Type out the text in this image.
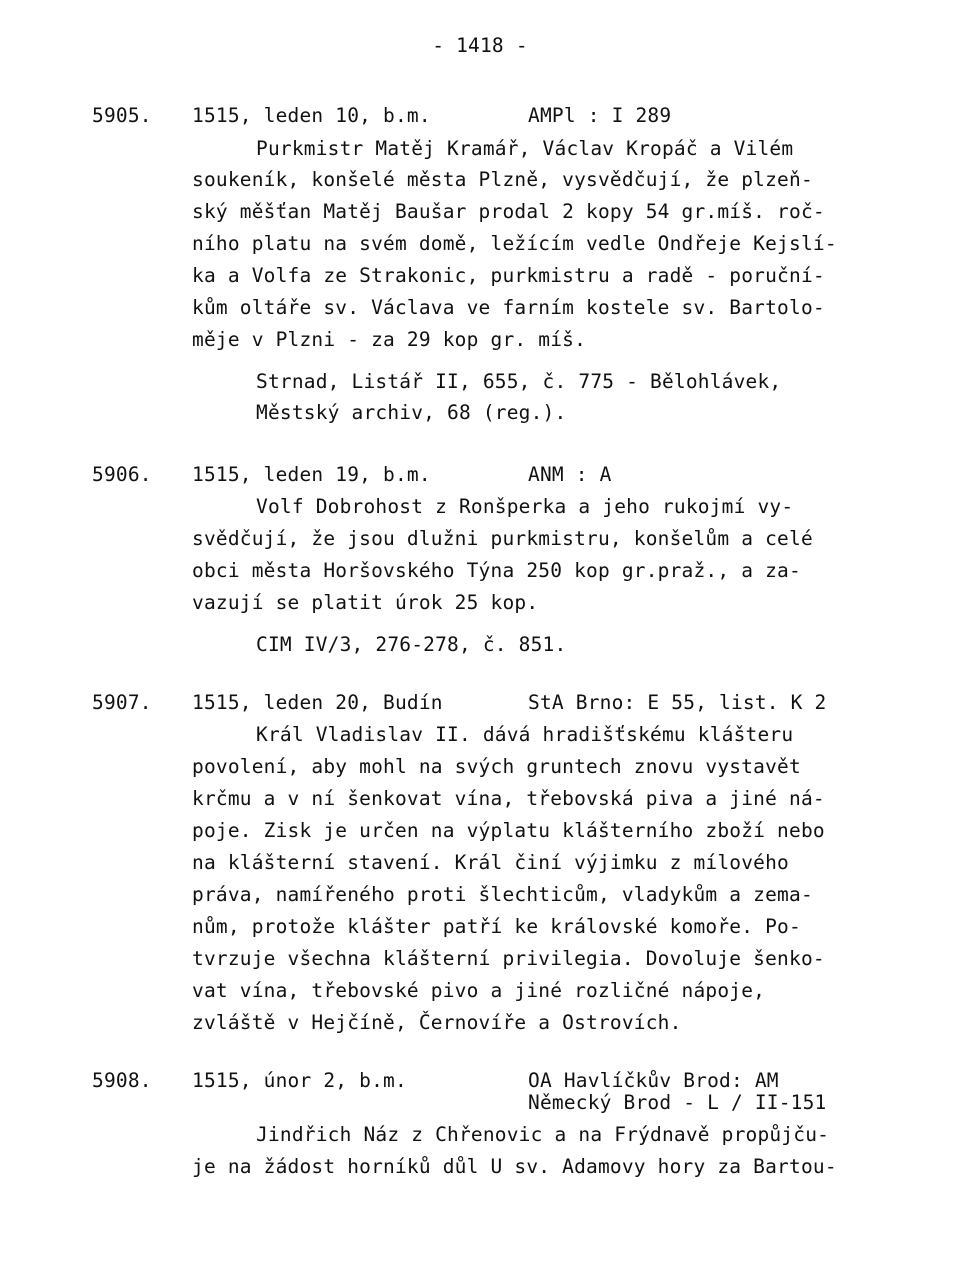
- 1418 -
5905. 1515, leden 10, b.m.	AMPl : I 289
Purkmistr Matěj Kramář, Václav Kropáč a Vilém
soukeník, konšelé města Plzně, vysvědčují, že plzeň-
ský měšťan Matěj Baušar prodal 2 kopy 54 gr.míš. roč-
ního platu na svém domě, ležícím vedle Ondřeje Kejslí-
ka a Volfa ze Strakonic, purkmistru a radě - poruční-
kům oltáře sv. Václava ve farním kostele sv. Bartolo-
měje v Plzni - za 29 kop gr. míš.
Strnad, Listář II, 655, č. 775 - Bělohlávek,
Městský archiv, 68 (reg.).
5906. 1515, leden 19, b.m.	ANM : A
Volf Dobrohost z Ronšperka a jeho rukojmí vy-
svědčují, že jsou dlužni purkmistru, konšelům a celé
obci města Horšovského Týna 250 kop gr.praž., a za-
vazují se platit úrok 25 kop.
CIM IV/3, 276-278, č. 851.
5907. 1515, leden 20, Budín	StA Brno: E 55, list. K 2
Král Vladislav II. dává hradišťskému klášteru
povolení, aby mohl na svých gruntech znovu vystavět
krčmu a v ní šenkovat vína, třebovská piva a jiné ná-
poje. Zisk je určen na výplatu klášterního zboží nebo
na klášterní stavení. Král činí výjimku z mílového
práva, namířeného proti šlechticům, vladykům a zema-
nům, protože klášter patří ke královské komoře. Po-
tvrzuje všechna klášterní privilegia. Dovoluje šenko-
vat vína, třebovské pivo a jiné rozličné nápoje,
zvláště v Hejčíně, Černovíře a Ostrovích.
5908. 1515, únor 2, b.m.	OA Havlíčkův Brod: AM
Německý Brod - L / II-151
Jindřich Náz z Chřenovic a na Frýdnavě propůjču-
je na žádost horníků důl U sv. Adamovy hory za Bartou-
